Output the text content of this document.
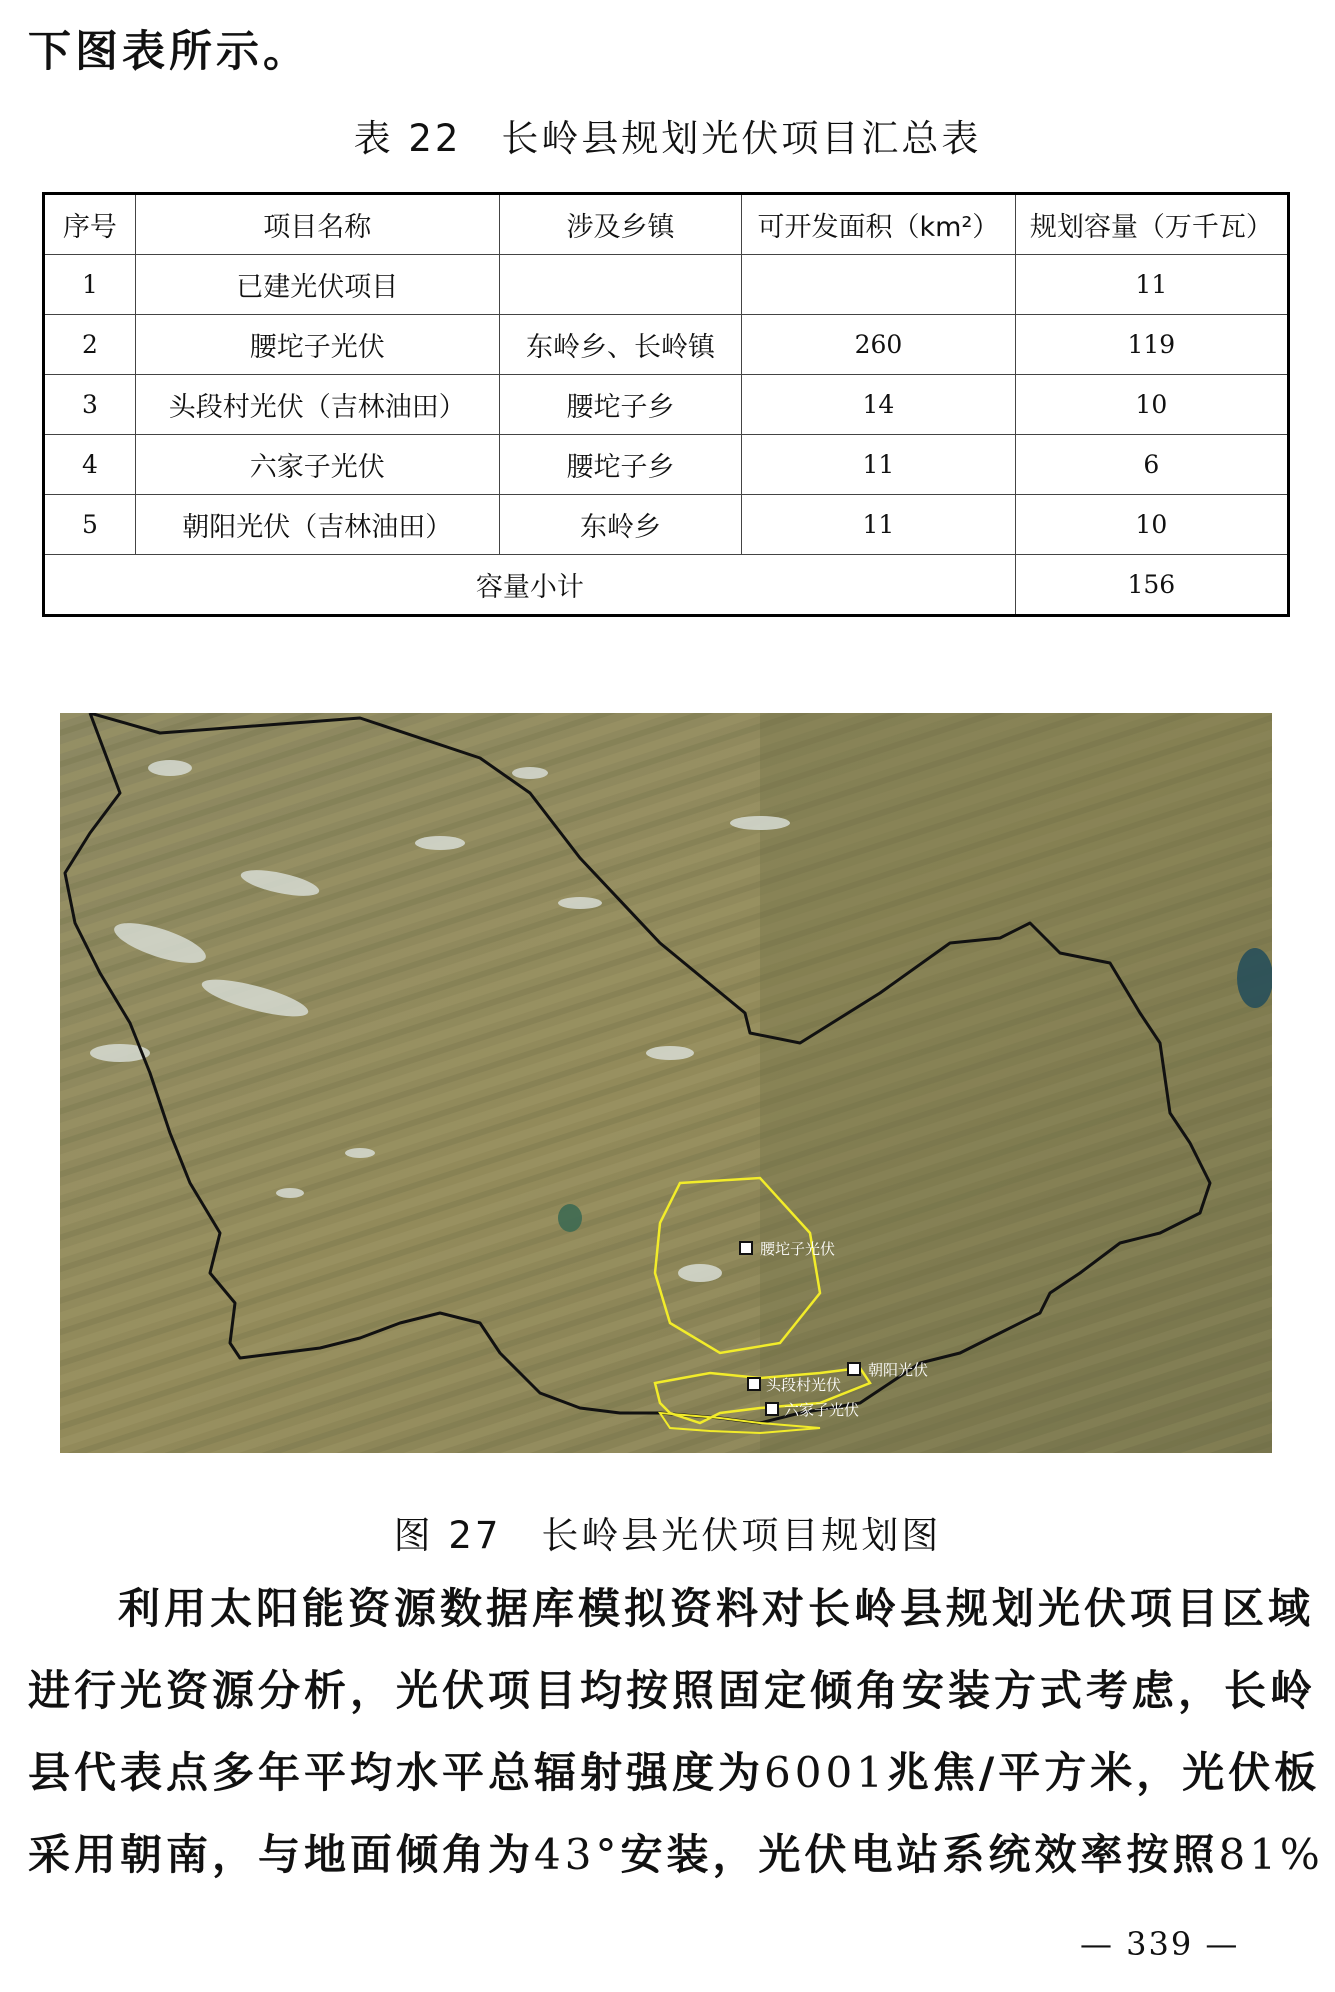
下图表所示。
表 22　长岭县规划光伏项目汇总表
序号	项目名称	涉及乡镇	可开发面积（km²）	规划容量（万千瓦）
1	已建光伏项目			11
2	腰坨子光伏	东岭乡、长岭镇	260	119
3	头段村光伏（吉林油田）	腰坨子乡	14	10
4	六家子光伏	腰坨子乡	11	6
5	朝阳光伏（吉林油田）	东岭乡	11	10
容量小计				156
腰坨子光伏
朝阳光伏
头段村光伏
六家子光伏
图 27　长岭县光伏项目规划图
利用太阳能资源数据库模拟资料对长岭县规划光伏项目区域
进行光资源分析，光伏项目均按照固定倾角安装方式考虑，长岭
县代表点多年平均水平总辐射强度为6001兆焦/平方米，光伏板
采用朝南，与地面倾角为43°安装，光伏电站系统效率按照81%
— 339 —
